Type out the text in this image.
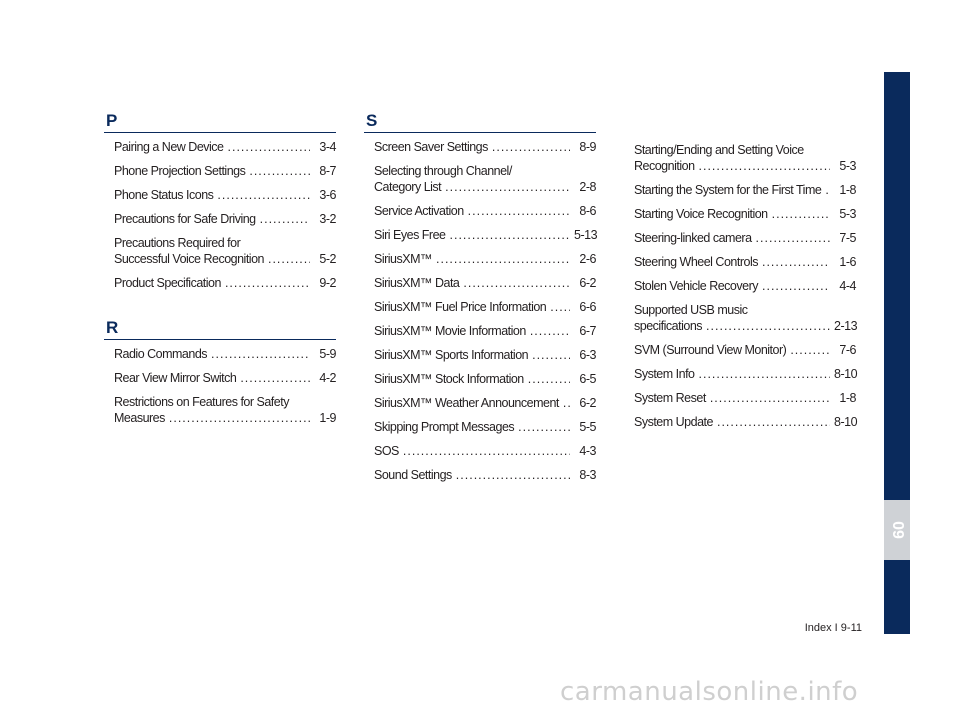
P
Pairing a New Device .....	3-4
Phone Projection Settings .....	8-7
Phone Status Icons .....	3-6
Precautions for Safe Driving .....	3-2
Precautions Required for
Successful Voice Recognition .....	5-2
Product Specification .....	9-2
R
Radio Commands .....	5-9
Rear View Mirror Switch .....	4-2
Restrictions on Features for Safety
Measures .....	1-9
S
Screen Saver Settings .....	8-9
Selecting through Channel/
Category List .....	2-8
Service Activation .....	8-6
Siri Eyes Free .....	5-13
SiriusXM™ .....	2-6
SiriusXM™ Data .....	6-2
SiriusXM™ Fuel Price Information .....	6-6
SiriusXM™ Movie Information .....	6-7
SiriusXM™ Sports Information .....	6-3
SiriusXM™ Stock Information .....	6-5
SiriusXM™ Weather Announcement .....	6-2
Skipping Prompt Messages .....	5-5
SOS .....	4-3
Sound Settings .....	8-3
Starting/Ending and Setting Voice
Recognition .....	5-3
Starting the System for the First Time .....	1-8
Starting Voice Recognition .....	5-3
Steering-linked camera .....	7-5
Steering Wheel Controls .....	1-6
Stolen Vehicle Recovery .....	4-4
Supported USB music
specifications .....	2-13
SVM (Surround View Monitor) .....	7-6
System Info .....	8-10
System Reset .....	1-8
System Update .....	8-10
09
Index I 9-11
carmanualsonline.info
